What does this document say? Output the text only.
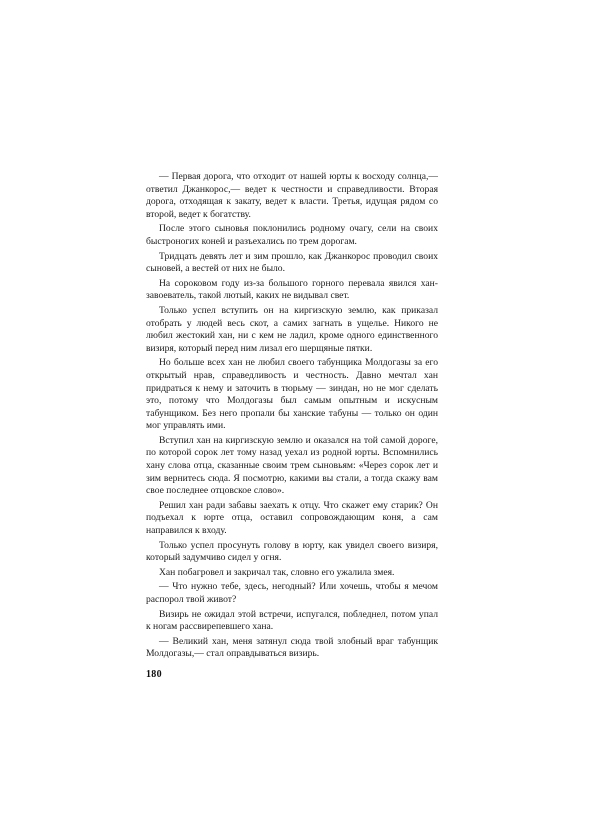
— Первая дорога, что отходит от нашей юрты к восходу солнца,— ответил Джанкорос,— ведет к честности и справедливости. Вторая дорога, отходящая к закату, ведет к власти. Третья, идущая рядом со второй, ведет к богатству.

После этого сыновья поклонились родному очагу, сели на своих быстроногих коней и разъехались по трем дорогам.

Тридцать девять лет и зим прошло, как Джанкорос проводил своих сыновей, а вестей от них не было.

На сороковом году из-за большого горного перевала явился хан-завоеватель, такой лютый, каких не видывал свет.

Только успел вступить он на киргизскую землю, как приказал отобрать у людей весь скот, а самих загнать в ущелье. Никого не любил жестокий хан, ни с кем не ладил, кроме одного единственного визиря, который перед ним лизал его шерщяные пятки.

Но больше всех хан не любил своего табунщика Молдогазы за его открытый нрав, справедливость и честность. Давно мечтал хан придраться к нему и заточить в тюрьму — зиндан, но не мог сделать это, потому что Молдогазы был самым опытным и искусным табунщиком. Без него пропали бы ханские табуны — только он один мог управлять ими.

Вступил хан на киргизскую землю и оказался на той самой дороге, по которой сорок лет тому назад уехал из родной юрты. Вспомнились хану слова отца, сказанные своим трем сыновьям: «Через сорок лет и зим вернитесь сюда. Я посмотрю, какими вы стали, а тогда скажу вам свое последнее отцовское слово».

Решил хан ради забавы заехать к отцу. Что скажет ему старик? Он подъехал к юрте отца, оставил сопровождающим коня, а сам направился к входу.

Только успел просунуть голову в юрту, как увидел своего визиря, который задумчиво сидел у огня.

Хан побагровел и закричал так, словно его ужалила змея.

— Что нужно тебе, здесь, негодный? Или хочешь, чтобы я мечом распорол твой живот?

Визирь не ожидал этой встречи, испугался, побледнел, потом упал к ногам рассвирепевшего хана.

— Великий хан, меня затянул сюда твой злобный враг табунщик Молдогазы,— стал оправдываться визирь.

180
